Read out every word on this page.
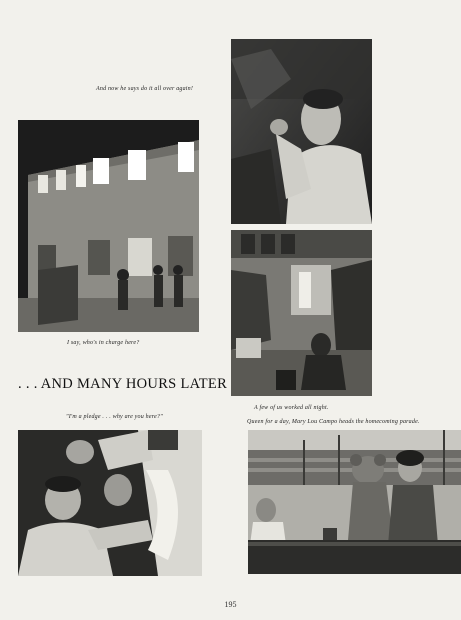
And now he says do it all over again!
I say, who's in charge here?
"I'm a pledge . . . why are you here?"
A few of us worked all night.
Queen for a day, Mary Lou Campo heads the homecoming parade.
. . . AND MANY HOURS LATER
195
